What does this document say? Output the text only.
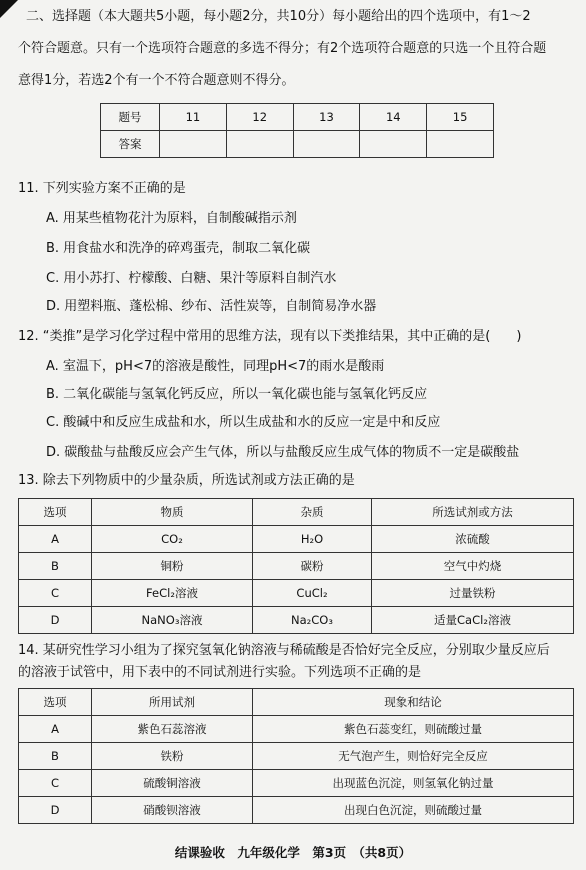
二、选择题（本大题共5小题，每小题2分，共10分）每小题给出的四个选项中，有1～2
个符合题意。只有一个选项符合题意的多选不得分；有2个选项符合题意的只选一个且符合题
意得1分，若选2个有一个不符合题意则不得分。
题号	11	12	13	14	15
答案					
11. 下列实验方案不正确的是
A. 用某些植物花汁为原料，自制酸碱指示剂
B. 用食盐水和洗净的碎鸡蛋壳，制取二氧化碳
C. 用小苏打、柠檬酸、白糖、果汁等原料自制汽水
D. 用塑料瓶、蓬松棉、纱布、活性炭等，自制简易净水器
12. “类推”是学习化学过程中常用的思维方法，现有以下类推结果，其中正确的是(　　)
A. 室温下，pH<7的溶液是酸性，同理pH<7的雨水是酸雨
B. 二氧化碳能与氢氧化钙反应，所以一氧化碳也能与氢氧化钙反应
C. 酸碱中和反应生成盐和水，所以生成盐和水的反应一定是中和反应
D. 碳酸盐与盐酸反应会产生气体，所以与盐酸反应生成气体的物质不一定是碳酸盐
13. 除去下列物质中的少量杂质，所选试剂或方法正确的是
选项	物质	杂质	所选试剂或方法
A	CO₂	H₂O	浓硫酸
B	铜粉	碳粉	空气中灼烧
C	FeCl₂溶液	CuCl₂	过量铁粉
D	NaNO₃溶液	Na₂CO₃	适量CaCl₂溶液
14. 某研究性学习小组为了探究氢氧化钠溶液与稀硫酸是否恰好完全反应，分别取少量反应后
的溶液于试管中，用下表中的不同试剂进行实验。下列选项不正确的是
选项	所用试剂	现象和结论
A	紫色石蕊溶液	紫色石蕊变红，则硫酸过量
B	铁粉	无气泡产生，则恰好完全反应
C	硫酸铜溶液	出现蓝色沉淀，则氢氧化钠过量
D	硝酸钡溶液	出现白色沉淀，则硫酸过量
结课验收　九年级化学　第3页　（共8页）
